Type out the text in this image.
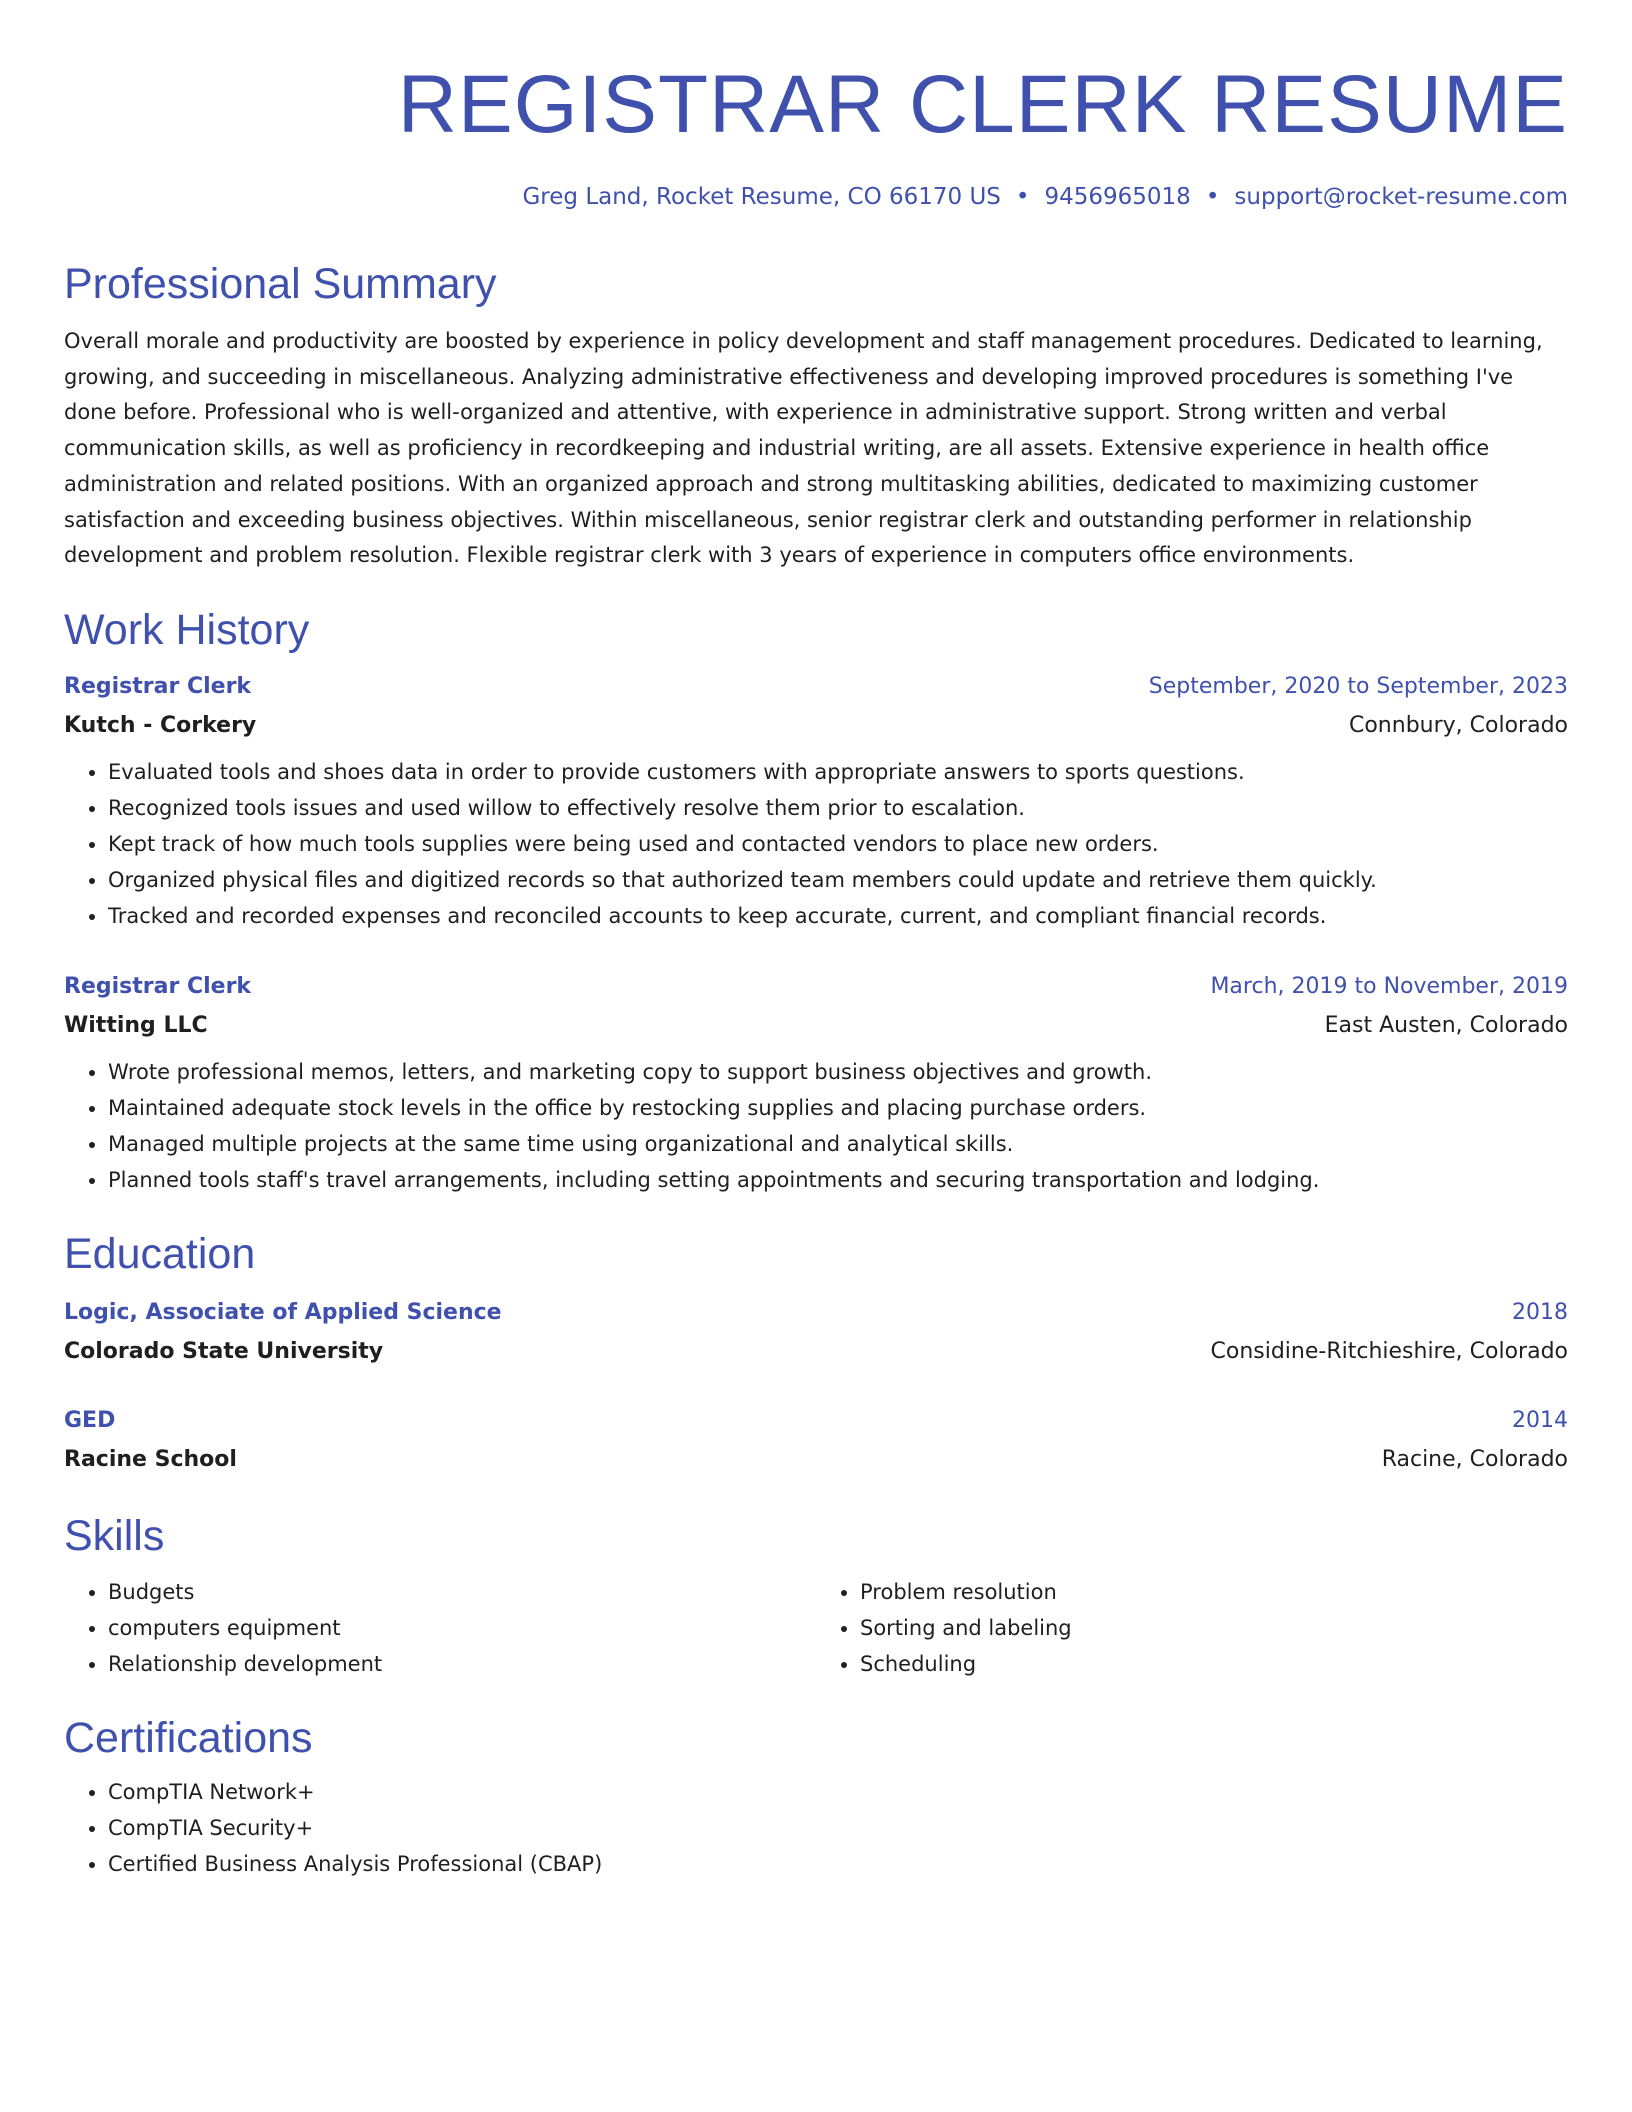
REGISTRAR CLERK RESUME
Greg Land, Rocket Resume, CO 66170 US • 9456965018 • support@rocket-resume.com
Professional Summary

Overall morale and productivity are boosted by experience in policy development and staff management procedures. Dedicated to learning, growing, and succeeding in miscellaneous. Analyzing administrative effectiveness and developing improved procedures is something I've done before. Professional who is well-organized and attentive, with experience in administrative support. Strong written and verbal communication skills, as well as proficiency in recordkeeping and industrial writing, are all assets. Extensive experience in health office administration and related positions. With an organized approach and strong multitasking abilities, dedicated to maximizing customer satisfaction and exceeding business objectives. Within miscellaneous, senior registrar clerk and outstanding performer in relationship development and problem resolution. Flexible registrar clerk with 3 years of experience in computers office environments.

Work History
Registrar Clerk	September, 2020 to September, 2023
Kutch - Corkery	Connbury, Colorado
• Evaluated tools and shoes data in order to provide customers with appropriate answers to sports questions.
• Recognized tools issues and used willow to effectively resolve them prior to escalation.
• Kept track of how much tools supplies were being used and contacted vendors to place new orders.
• Organized physical files and digitized records so that authorized team members could update and retrieve them quickly.
• Tracked and recorded expenses and reconciled accounts to keep accurate, current, and compliant financial records.
Registrar Clerk	March, 2019 to November, 2019
Witting LLC	East Austen, Colorado
• Wrote professional memos, letters, and marketing copy to support business objectives and growth.
• Maintained adequate stock levels in the office by restocking supplies and placing purchase orders.
• Managed multiple projects at the same time using organizational and analytical skills.
• Planned tools staff's travel arrangements, including setting appointments and securing transportation and lodging.
Education
Logic, Associate of Applied Science	2018
Colorado State University	Considine-Ritchieshire, Colorado
GED	2014
Racine School	Racine, Colorado
Skills
• Budgets
• computers equipment
• Relationship development
• Problem resolution
• Sorting and labeling
• Scheduling
Certifications
• CompTIA Network+
• CompTIA Security+
• Certified Business Analysis Professional (CBAP)
